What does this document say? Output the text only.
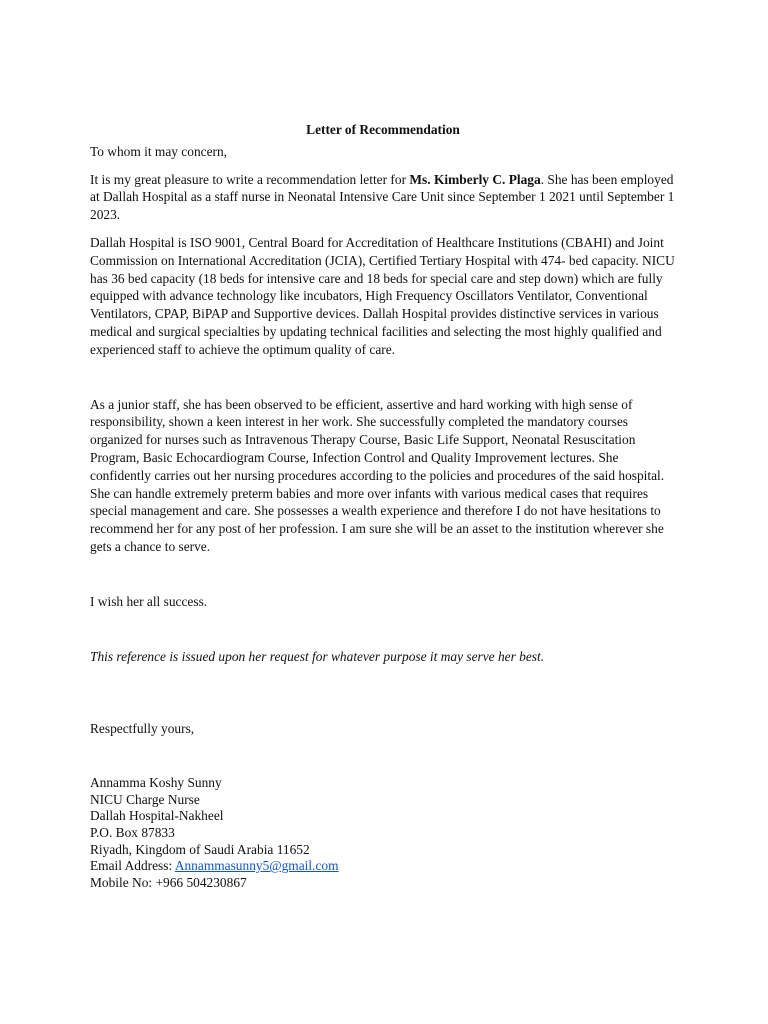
Letter of Recommendation

To whom it may concern,

It is my great pleasure to write a recommendation letter for Ms. Kimberly C. Plaga. She has been employed at Dallah Hospital as a staff nurse in Neonatal Intensive Care Unit since September 1 2021 until September 1 2023.

Dallah Hospital is ISO 9001, Central Board for Accreditation of Healthcare Institutions (CBAHI) and Joint Commission on International Accreditation (JCIA), Certified Tertiary Hospital with 474- bed capacity. NICU has 36 bed capacity (18 beds for intensive care and 18 beds for special care and step down) which are fully equipped with advance technology like incubators, High Frequency Oscillators Ventilator, Conventional Ventilators, CPAP, BiPAP and Supportive devices. Dallah Hospital provides distinctive services in various medical and surgical specialties by updating technical facilities and selecting the most highly qualified and experienced staff to achieve the optimum quality of care.

As a junior staff, she has been observed to be efficient, assertive and hard working with high sense of responsibility, shown a keen interest in her work. She successfully completed the mandatory courses organized for nurses such as Intravenous Therapy Course, Basic Life Support, Neonatal Resuscitation Program, Basic Echocardiogram Course, Infection Control and Quality Improvement lectures. She confidently carries out her nursing procedures according to the policies and procedures of the said hospital. She can handle extremely preterm babies and more over infants with various medical cases that requires special management and care. She possesses a wealth experience and therefore I do not have hesitations to recommend her for any post of her profession. I am sure she will be an asset to the institution wherever she gets a chance to serve.

I wish her all success.

This reference is issued upon her request for whatever purpose it may serve her best.

Respectfully yours,

Annamma Koshy Sunny
NICU Charge Nurse
Dallah Hospital-Nakheel
P.O. Box 87833
Riyadh, Kingdom of Saudi Arabia 11652
Email Address: Annammasunny5@gmail.com
Mobile No: +966 504230867
